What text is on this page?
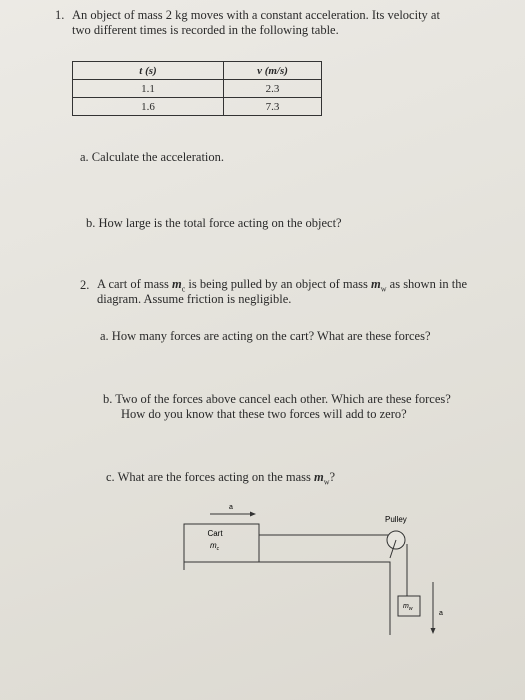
1. An object of mass 2 kg moves with a constant acceleration. Its velocity at
two different times is recorded in the following table.
t (s)	v (m/s)
1.1	2.3
1.6	7.3
a. Calculate the acceleration.
b. How large is the total force acting on the object?
2. A cart of mass $m_c$ is being pulled by an object of mass $m_w$ as shown in the
diagram. Assume friction is negligible.
a. How many forces are acting on the cart? What are these forces?
b. Two of the forces above cancel each other. Which are these forces?
How do you know that these two forces will add to zero?
c. What are the forces acting on the mass $m_w$?
a
Cart
$m_c$
Pulley
$m_w$
a
